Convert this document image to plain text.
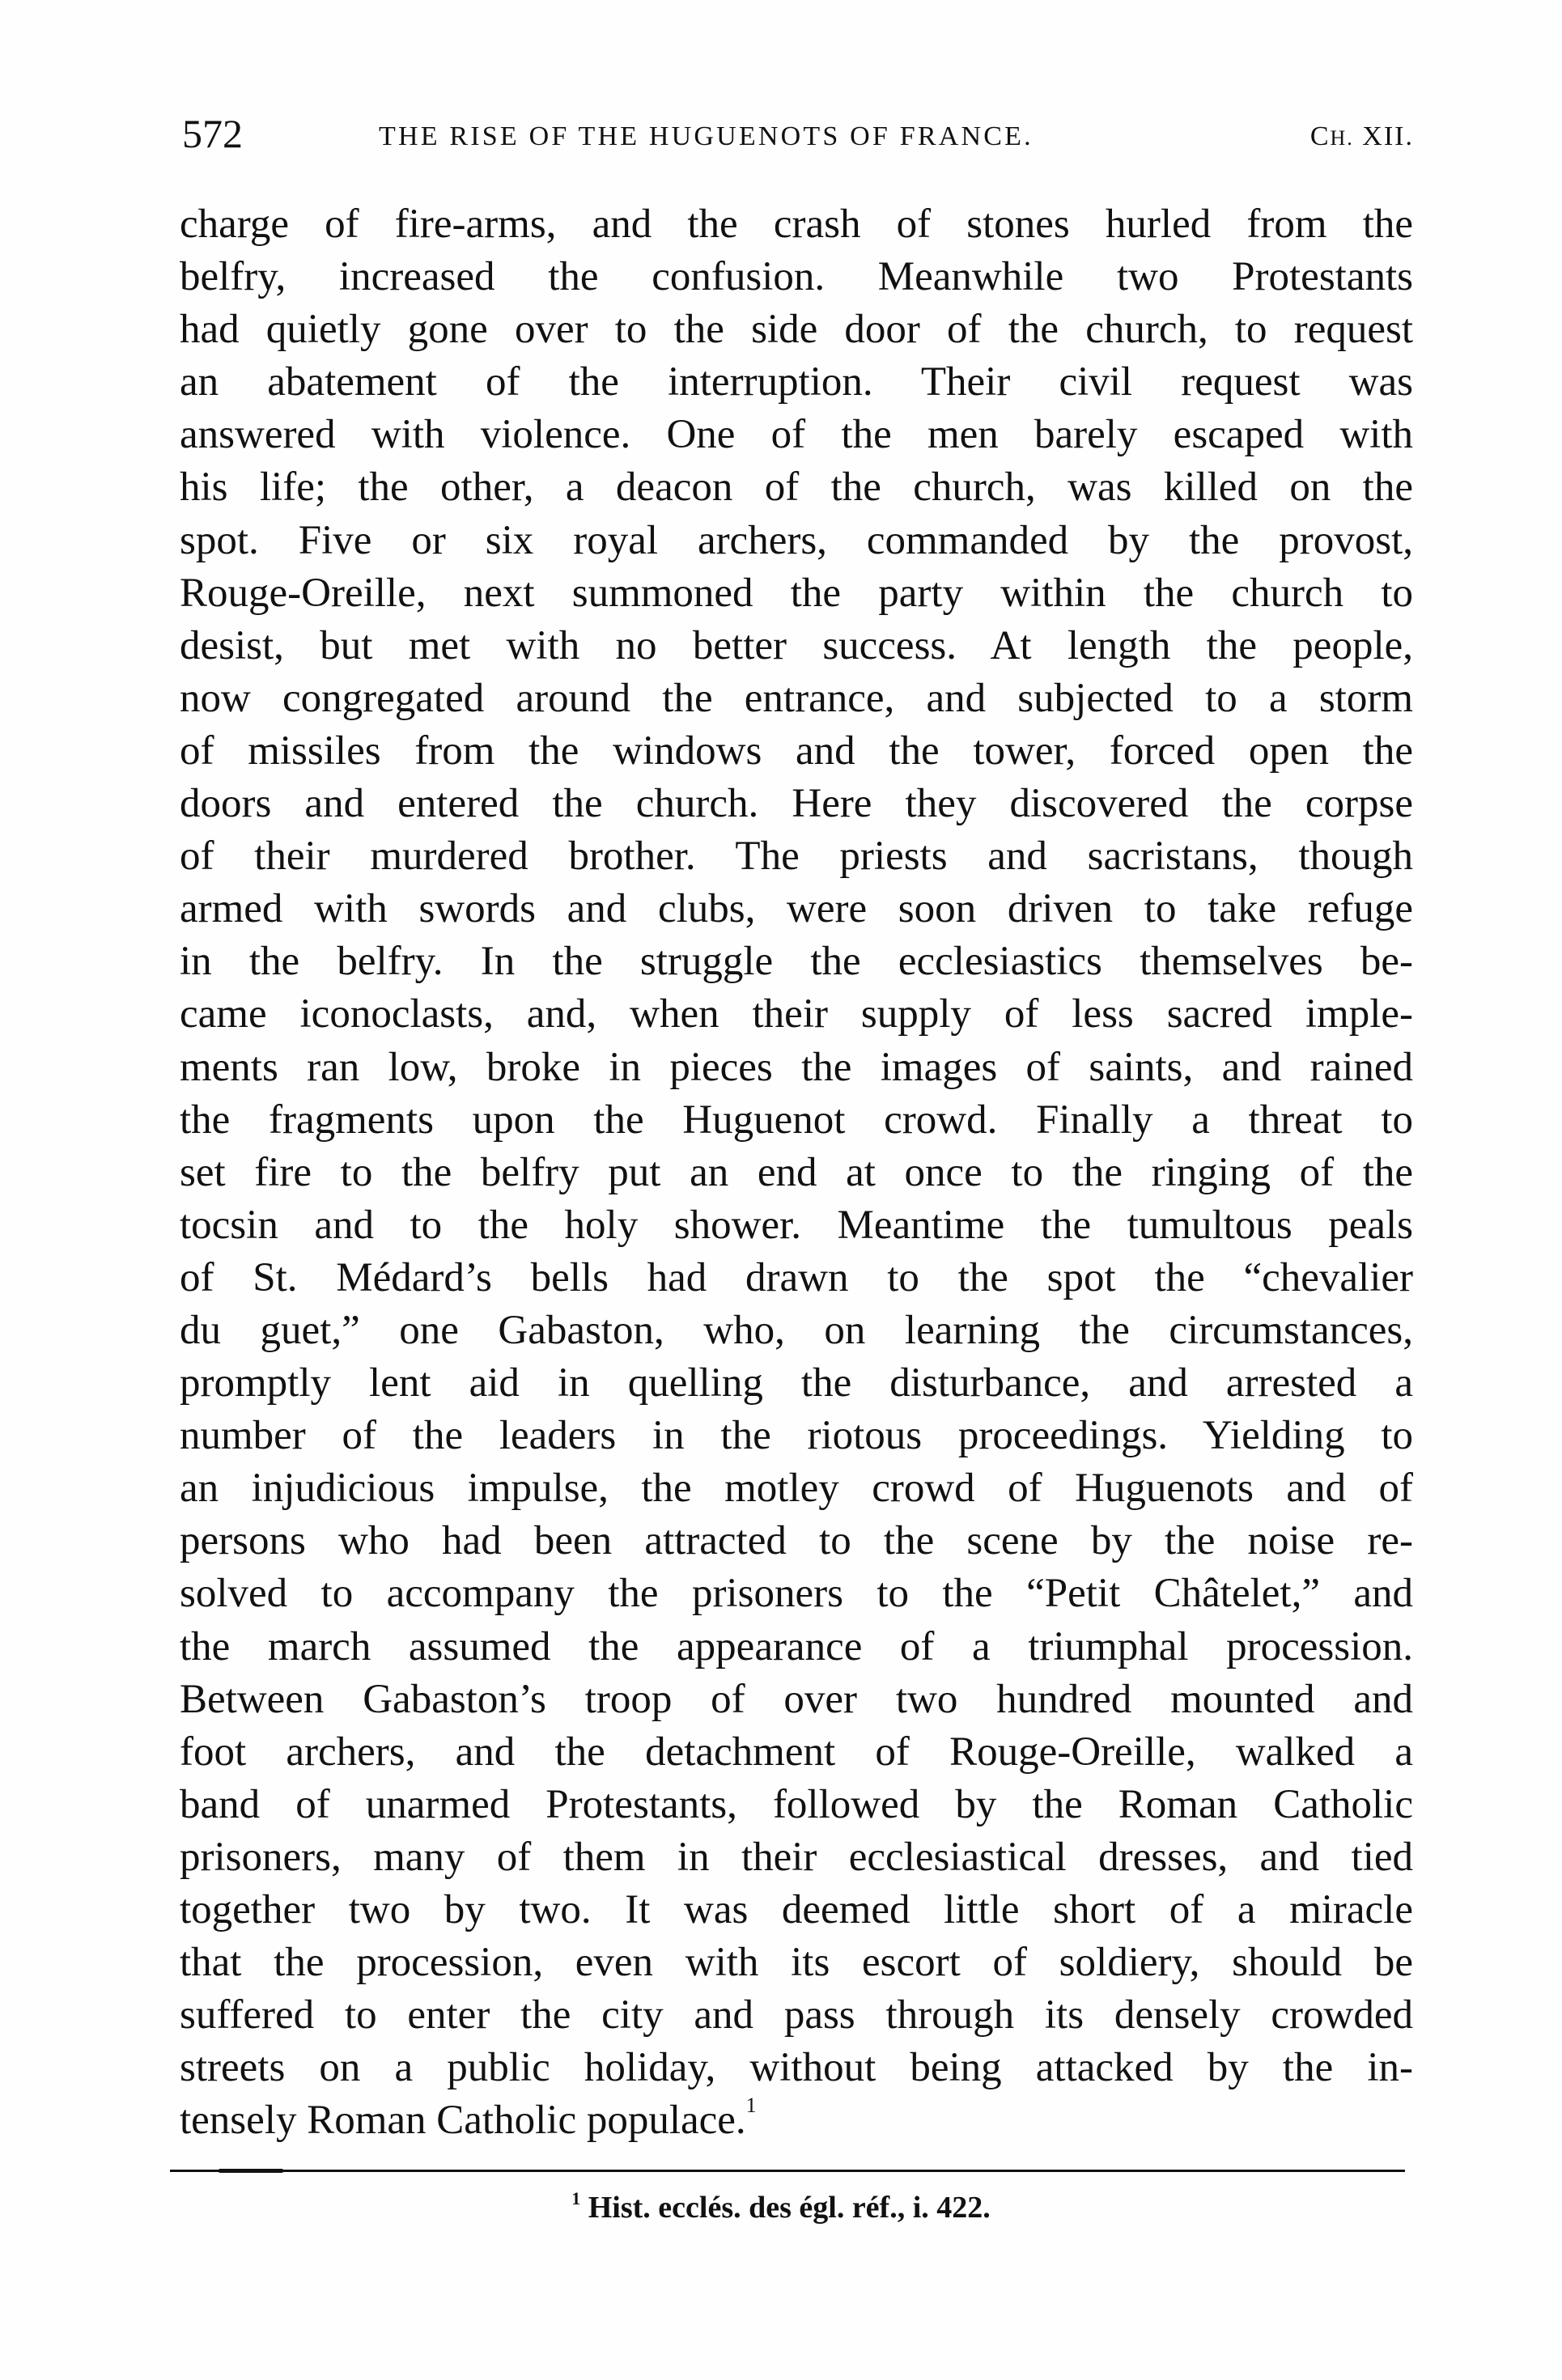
572	THE RISE OF THE HUGUENOTS OF FRANCE.	CH. XII.
charge of fire-arms, and the crash of stones hurled from the
belfry, increased the confusion. Meanwhile two Protestants
had quietly gone over to the side door of the church, to request
an abatement of the interruption. Their civil request was
answered with violence. One of the men barely escaped with
his life; the other, a deacon of the church, was killed on the
spot. Five or six royal archers, commanded by the provost,
Rouge-Oreille, next summoned the party within the church to
desist, but met with no better success. At length the people,
now congregated around the entrance, and subjected to a storm
of missiles from the windows and the tower, forced open the
doors and entered the church. Here they discovered the corpse
of their murdered brother. The priests and sacristans, though
armed with swords and clubs, were soon driven to take refuge
in the belfry. In the struggle the ecclesiastics themselves be-
came iconoclasts, and, when their supply of less sacred imple-
ments ran low, broke in pieces the images of saints, and rained
the fragments upon the Huguenot crowd. Finally a threat to
set fire to the belfry put an end at once to the ringing of the
tocsin and to the holy shower. Meantime the tumultous peals
of St. Médard’s bells had drawn to the spot the “chevalier
du guet,” one Gabaston, who, on learning the circumstances,
promptly lent aid in quelling the disturbance, and arrested a
number of the leaders in the riotous proceedings. Yielding to
an injudicious impulse, the motley crowd of Huguenots and of
persons who had been attracted to the scene by the noise re-
solved to accompany the prisoners to the “Petit Châtelet,” and
the march assumed the appearance of a triumphal procession.
Between Gabaston’s troop of over two hundred mounted and
foot archers, and the detachment of Rouge-Oreille, walked a
band of unarmed Protestants, followed by the Roman Catholic
prisoners, many of them in their ecclesiastical dresses, and tied
together two by two. It was deemed little short of a miracle
that the procession, even with its escort of soldiery, should be
suffered to enter the city and pass through its densely crowded
streets on a public holiday, without being attacked by the in-
tensely Roman Catholic populace.$^1$
$^1$ Hist. ecclés. des égl. réf., i. 422.
